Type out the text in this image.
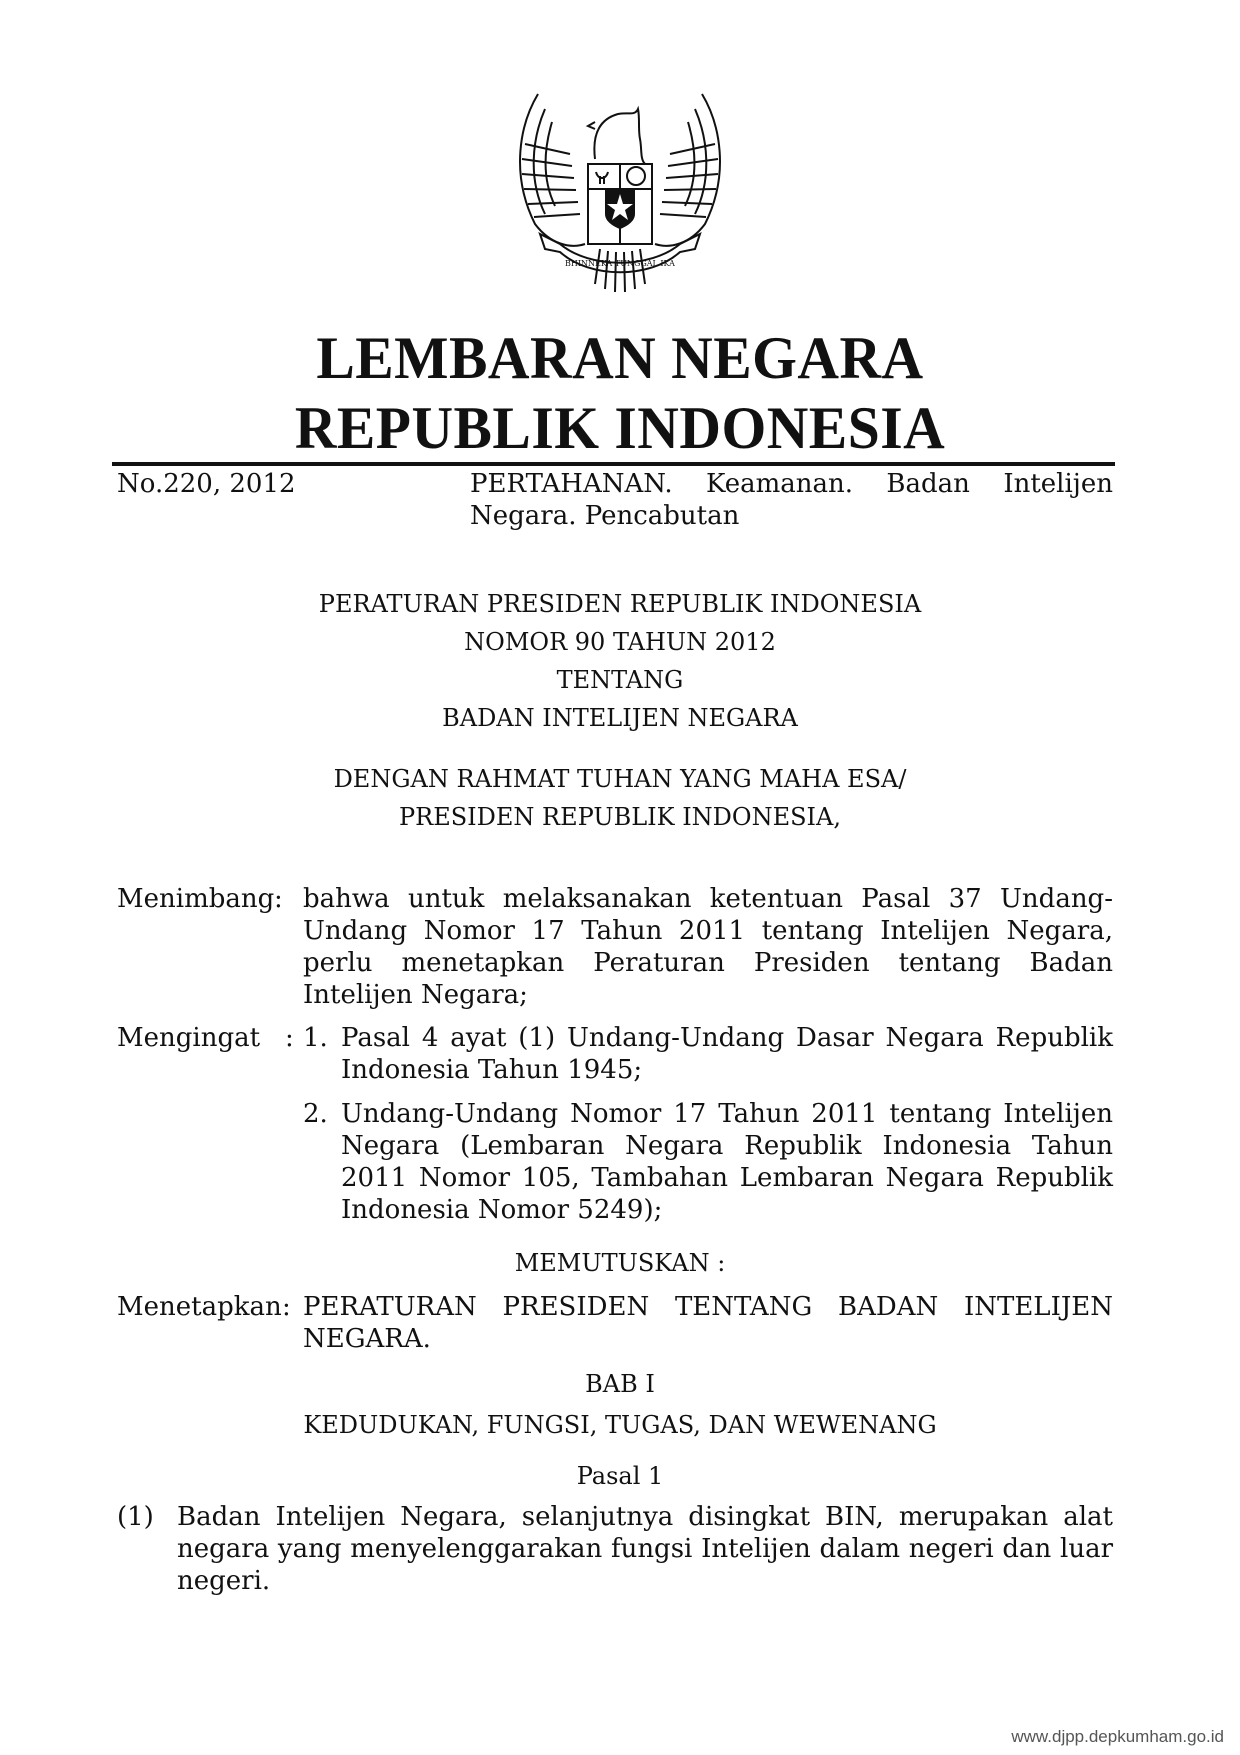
BHINNEKA TUNGGAL IKA
LEMBARAN NEGARA
REPUBLIK INDONESIA
No.220, 2012	PERTAHANAN. Keamanan. Badan Intelijen
Negara. Pencabutan
PERATURAN PRESIDEN REPUBLIK INDONESIA
NOMOR 90 TAHUN 2012
TENTANG
BADAN INTELIJEN NEGARA
DENGAN RAHMAT TUHAN YANG MAHA ESA/
PRESIDEN REPUBLIK INDONESIA,
Menimbang : bahwa untuk melaksanakan ketentuan Pasal 37 Undang-
Undang Nomor 17 Tahun 2011 tentang Intelijen Negara,
perlu menetapkan Peraturan Presiden tentang Badan
Intelijen Negara;
Mengingat : 1. Pasal 4 ayat (1) Undang-Undang Dasar Negara Republik
Indonesia Tahun 1945;
2. Undang-Undang Nomor 17 Tahun 2011 tentang Intelijen
Negara (Lembaran Negara Republik Indonesia Tahun
2011 Nomor 105, Tambahan Lembaran Negara Republik
Indonesia Nomor 5249);
MEMUTUSKAN :
Menetapkan : PERATURAN PRESIDEN TENTANG BADAN INTELIJEN
NEGARA.
BAB I
KEDUDUKAN, FUNGSI, TUGAS, DAN WEWENANG
Pasal 1
(1) Badan Intelijen Negara, selanjutnya disingkat BIN, merupakan alat
negara yang menyelenggarakan fungsi Intelijen dalam negeri dan luar
negeri.
www.djpp.depkumham.go.id
